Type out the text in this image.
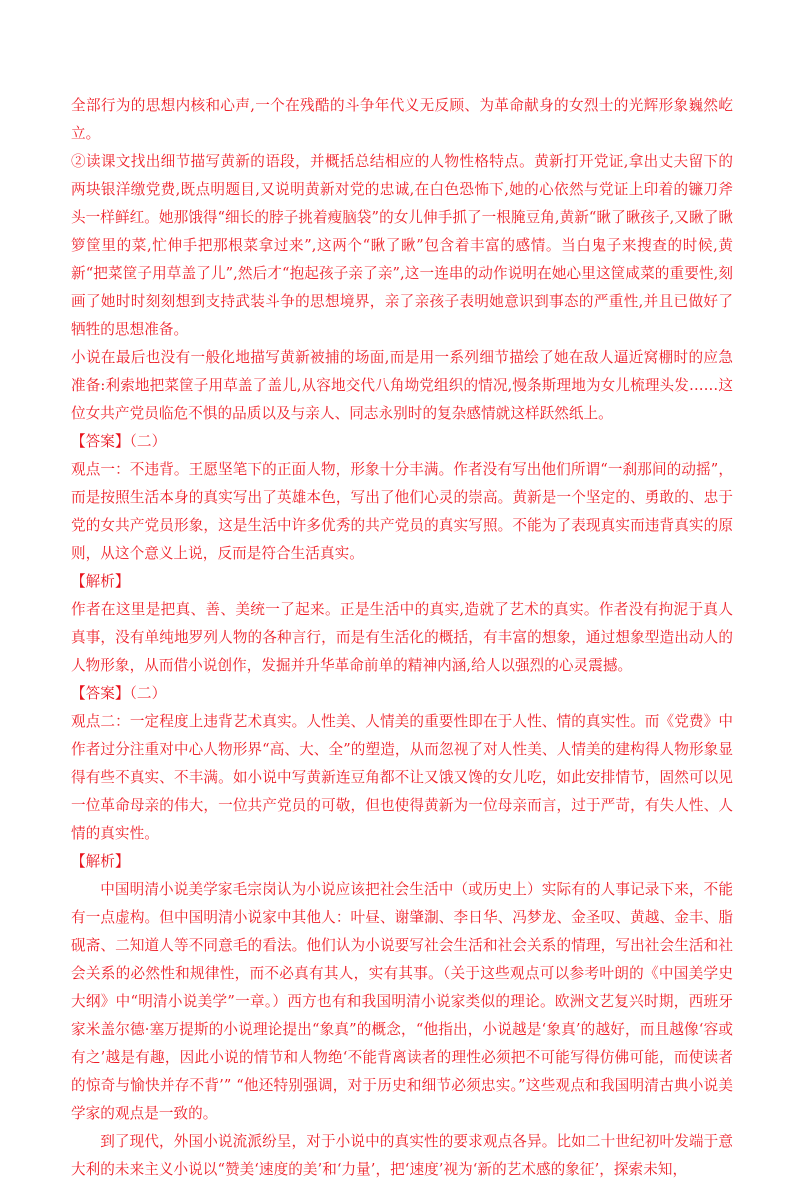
全部行为的思想内核和心声,一个在残酷的斗争年代义无反顾、为革命献身的女烈士的光辉形象巍然屹立。

②读课文找出细节描写黄新的语段，并概括总结相应的人物性格特点。黄新打开党证,拿出丈夫留下的两块银洋缴党费,既点明题目,又说明黄新对党的忠诚,在白色恐怖下,她的心依然与党证上印着的镰刀斧头一样鲜红。她那饿得“细长的脖子挑着瘦脑袋”的女儿伸手抓了一根腌豆角,黄新“瞅了瞅孩子,又瞅了瞅箩筐里的菜,忙伸手把那根菜拿过来”,这两个“瞅了瞅”包含着丰富的感情。当白鬼子来搜查的时候,黄新“把菜筐子用草盖了儿”,然后才“抱起孩子亲了亲”,这一连串的动作说明在她心里这筐咸菜的重要性,刻画了她时时刻刻想到支持武装斗争的思想境界，亲了亲孩子表明她意识到事态的严重性,并且已做好了牺牲的思想准备。

小说在最后也没有一般化地描写黄新被捕的场面,而是用一系列细节描绘了她在敌人逼近窝棚时的应急准备:利索地把菜筐子用草盖了盖儿,从容地交代八角坳党组织的情况,慢条斯理地为女儿梳理头发……这位女共产党员临危不惧的品质以及与亲人、同志永别时的复杂感情就这样跃然纸上。

【答案】（二）

观点一：不违背。王愿坚笔下的正面人物，形象十分丰满。作者没有写出他们所谓“一刹那间的动摇”，而是按照生活本身的真实写出了英雄本色，写出了他们心灵的崇高。黄新是一个坚定的、勇敢的、忠于党的女共产党员形象，这是生活中许多优秀的共产党员的真实写照。不能为了表现真实而违背真实的原则，从这个意义上说，反而是符合生活真实。

【解析】

作者在这里是把真、善、美统一了起来。正是生活中的真实,造就了艺术的真实。作者没有拘泥于真人真事，没有单纯地罗列人物的各种言行，而是有生活化的概括，有丰富的想象，通过想象型造出动人的人物形象，从而借小说创作，发掘并升华革命前单的精神内涵,给人以强烈的心灵震撼。

【答案】（二）

观点二：一定程度上违背艺术真实。人性美、人情美的重要性即在于人性、情的真实性。而《党费》中作者过分注重对中心人物形界“高、大、全”的塑造，从而忽视了对人性美、人情美的建构得人物形象显得有些不真实、不丰满。如小说中写黄新连豆角都不让又饿又馋的女儿吃，如此安排情节，固然可以见一位革命母亲的伟大，一位共产党员的可敬，但也使得黄新为一位母亲而言，过于严苛，有失人性、人情的真实性。

【解析】

中国明清小说美学家毛宗岗认为小说应该把社会生活中（或历史上）实际有的人事记录下来，不能有一点虚构。但中国明清小说家中其他人：叶昼、谢肇淛、李日华、冯梦龙、金圣叹、黄越、金丰、脂砚斋、二知道人等不同意毛的看法。他们认为小说要写社会生活和社会关系的情理，写出社会生活和社会关系的必然性和规律性，而不必真有其人，实有其事。（关于这些观点可以参考叶朗的《中国美学史大纲》中“明清小说美学”一章。）西方也有和我国明清小说家类似的理论。欧洲文艺复兴时期，西班牙家米盖尔德·塞万提斯的小说理论提出“象真”的概念，“他指出，小说越是‘象真’的越好，而且越像‘容或有之’越是有趣，因此小说的情节和人物绝‘不能背离读者的理性必须把不可能写得仿佛可能，而使读者的惊奇与愉快并存不背’” “他还特别强调，对于历史和细节必须忠实。”这些观点和我国明清古典小说美学家的观点是一致的。

到了现代，外国小说流派纷呈，对于小说中的真实性的要求观点各异。比如二十世纪初叶发端于意大利的未来主义小说以“赞美‘速度的美’和‘力量’，把‘速度’视为‘新的艺术感的象征’，探索未知，
